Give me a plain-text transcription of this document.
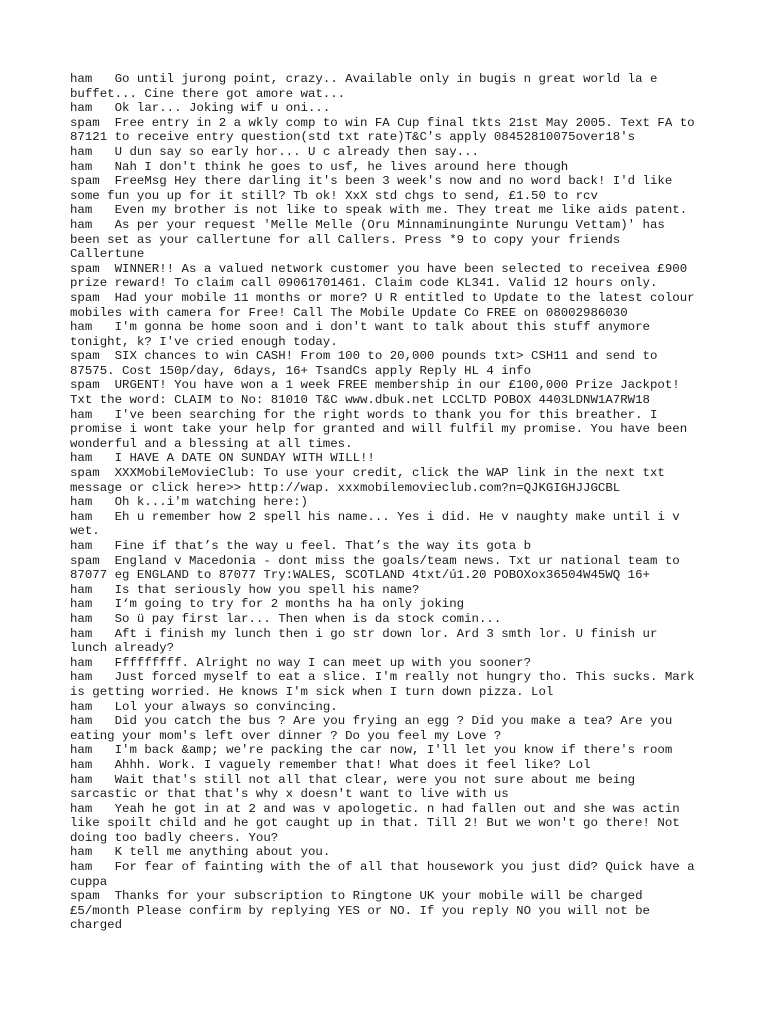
ham Go until jurong point, crazy.. Available only in bugis n great world la e buffet... Cine there got amore wat...

ham Ok lar... Joking wif u oni...

spam Free entry in 2 a wkly comp to win FA Cup final tkts 21st May 2005. Text FA to 87121 to receive entry question(std txt rate)T&C's apply 08452810075over18's

ham U dun say so early hor... U c already then say...

ham Nah I don't think he goes to usf, he lives around here though

spam FreeMsg Hey there darling it's been 3 week's now and no word back! I'd like some fun you up for it still? Tb ok! XxX std chgs to send, £1.50 to rcv

ham Even my brother is not like to speak with me. They treat me like aids patent.

ham As per your request 'Melle Melle (Oru Minnaminunginte Nurungu Vettam)' has been set as your callertune for all Callers. Press *9 to copy your friends Callertune

spam WINNER!! As a valued network customer you have been selected to receivea £900 prize reward! To claim call 09061701461. Claim code KL341. Valid 12 hours only.

spam Had your mobile 11 months or more? U R entitled to Update to the latest colour mobiles with camera for Free! Call The Mobile Update Co FREE on 08002986030

ham I'm gonna be home soon and i don't want to talk about this stuff anymore tonight, k? I've cried enough today.

spam SIX chances to win CASH! From 100 to 20,000 pounds txt> CSH11 and send to 87575. Cost 150p/day, 6days, 16+ TsandCs apply Reply HL 4 info

spam URGENT! You have won a 1 week FREE membership in our £100,000 Prize Jackpot! Txt the word: CLAIM to No: 81010 T&C www.dbuk.net LCCLTD POBOX 4403LDNW1A7RW18

ham I've been searching for the right words to thank you for this breather. I promise i wont take your help for granted and will fulfil my promise. You have been wonderful and a blessing at all times.

ham I HAVE A DATE ON SUNDAY WITH WILL!!

spam XXXMobileMovieClub: To use your credit, click the WAP link in the next txt message or click here>> http://wap. xxxmobilemovieclub.com?n=QJKGIGHJJGCBL

ham Oh k...i'm watching here:)

ham Eh u remember how 2 spell his name... Yes i did. He v naughty make until i v wet.

ham Fine if that’s the way u feel. That’s the way its gota b

spam England v Macedonia - dont miss the goals/team news. Txt ur national team to 87077 eg ENGLAND to 87077 Try:WALES, SCOTLAND 4txt/ú1.20 POBOXox36504W45WQ 16+

ham Is that seriously how you spell his name?

ham I‘m going to try for 2 months ha ha only joking

ham So ü pay first lar... Then when is da stock comin...

ham Aft i finish my lunch then i go str down lor. Ard 3 smth lor. U finish ur lunch already?

ham Fffffffff. Alright no way I can meet up with you sooner?

ham Just forced myself to eat a slice. I'm really not hungry tho. This sucks. Mark is getting worried. He knows I'm sick when I turn down pizza. Lol

ham Lol your always so convincing.

ham Did you catch the bus ? Are you frying an egg ? Did you make a tea? Are you eating your mom's left over dinner ? Do you feel my Love ?

ham I'm back &amp; we're packing the car now, I'll let you know if there's room

ham Ahhh. Work. I vaguely remember that! What does it feel like? Lol

ham Wait that's still not all that clear, were you not sure about me being sarcastic or that that's why x doesn't want to live with us

ham Yeah he got in at 2 and was v apologetic. n had fallen out and she was actin like spoilt child and he got caught up in that. Till 2! But we won't go there! Not doing too badly cheers. You?

ham K tell me anything about you.

ham For fear of fainting with the of all that housework you just did? Quick have a cuppa

spam Thanks for your subscription to Ringtone UK your mobile will be charged £5/month Please confirm by replying YES or NO. If you reply NO you will not be charged
